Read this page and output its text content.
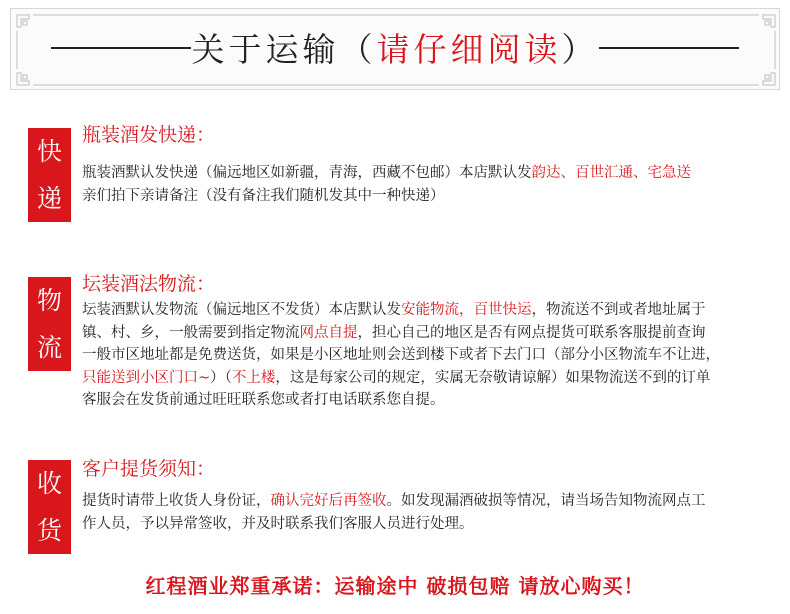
关于运输（请仔细阅读）
快
递
瓶装酒发快递：
瓶装酒默认发快递（偏远地区如新疆，青海，西藏不包邮）本店默认发韵达、百世汇通、宅急送
亲们拍下亲请备注（没有备注我们随机发其中一种快递）
物
流
坛装酒法物流：
坛装酒默认发物流（偏远地区不发货）本店默认发安能物流，百世快运，物流送不到或者地址属于
镇、村、乡，一般需要到指定物流网点自提，担心自己的地区是否有网点提货可联系客服提前查询
一般市区地址都是免费送货，如果是小区地址则会送到楼下或者下去门口（部分小区物流车不让进，
只能送到小区门口~）（不上楼，这是每家公司的规定，实属无奈敬请谅解）如果物流送不到的订单
客服会在发货前通过旺旺联系您或者打电话联系您自提。
收
货
客户提货须知：
提货时请带上收货人身份证，确认完好后再签收。如发现漏酒破损等情况，请当场告知物流网点工
作人员，予以异常签收，并及时联系我们客服人员进行处理。
红程酒业郑重承诺：运输途中 破损包赔 请放心购买！
